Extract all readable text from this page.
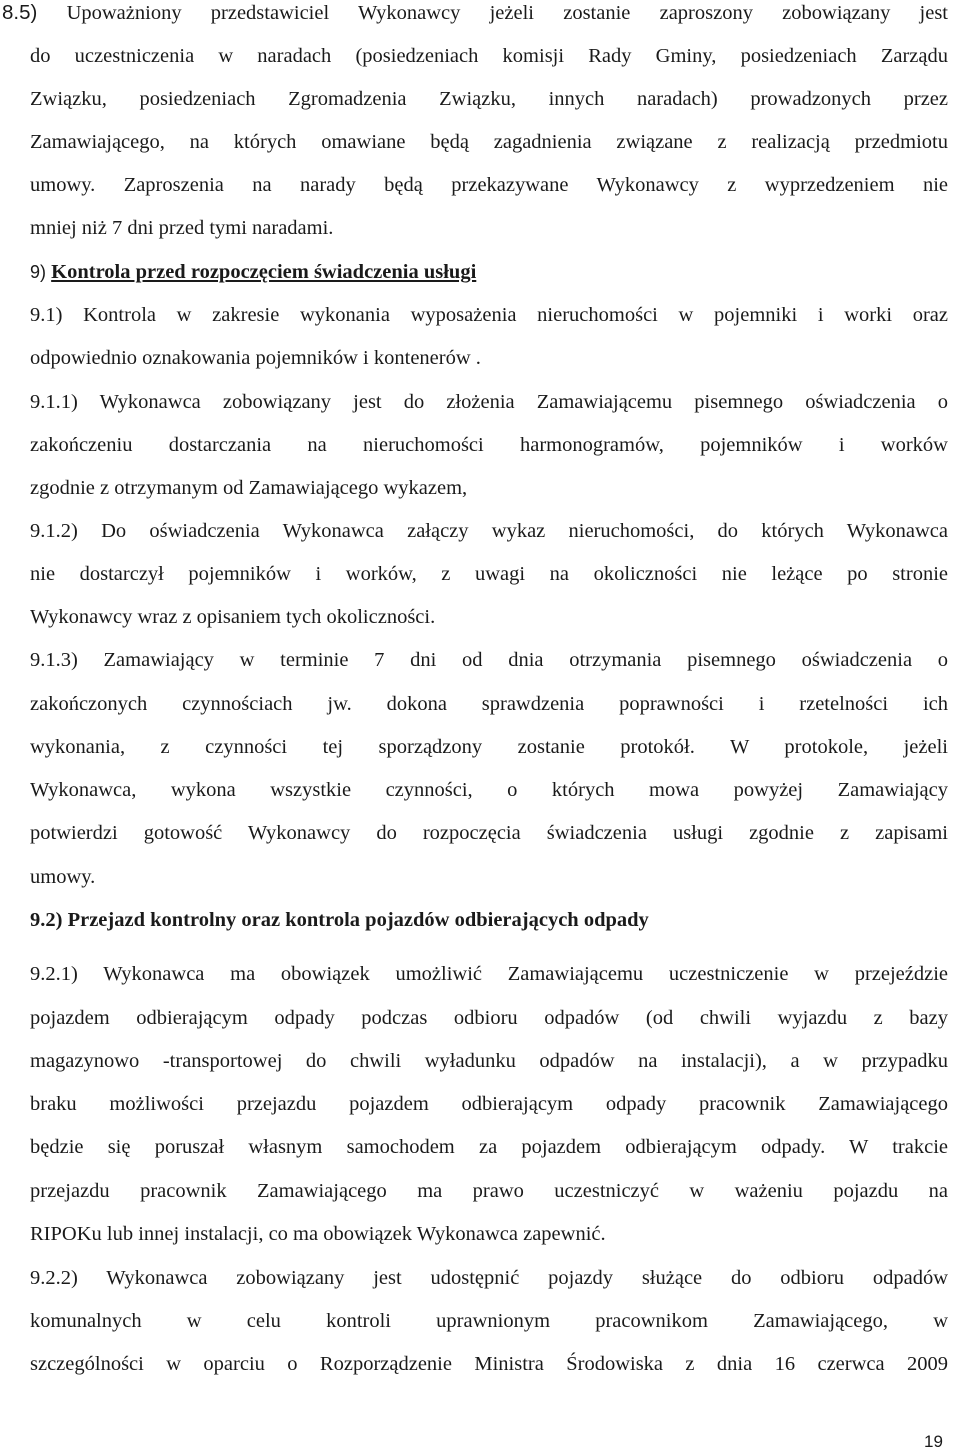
8.5) Upoważniony przedstawiciel Wykonawcy jeżeli zostanie zaproszony zobowiązany jest
do uczestniczenia w naradach (posiedzeniach komisji Rady Gminy, posiedzeniach Zarządu
Związku, posiedzeniach Zgromadzenia Związku, innych naradach) prowadzonych przez
Zamawiającego, na których omawiane będą zagadnienia związane z realizacją przedmiotu
umowy. Zaproszenia na narady będą przekazywane Wykonawcy z wyprzedzeniem nie
mniej niż 7 dni przed tymi naradami.
9) Kontrola przed rozpoczęciem świadczenia usługi
9.1) Kontrola w zakresie wykonania wyposażenia nieruchomości w pojemniki i worki oraz
odpowiednio oznakowania pojemników i kontenerów .
9.1.1) Wykonawca zobowiązany jest do złożenia Zamawiającemu pisemnego oświadczenia o
zakończeniu dostarczania na nieruchomości harmonogramów, pojemników i worków
zgodnie z otrzymanym od Zamawiającego wykazem,
9.1.2) Do oświadczenia Wykonawca załączy wykaz nieruchomości, do których Wykonawca
nie dostarczył pojemników i worków, z uwagi na okoliczności nie leżące po stronie
Wykonawcy wraz z opisaniem tych okoliczności.
9.1.3) Zamawiający w terminie 7 dni od dnia otrzymania pisemnego oświadczenia o
zakończonych czynnościach jw. dokona sprawdzenia poprawności i rzetelności ich
wykonania, z czynności tej sporządzony zostanie protokół. W protokole, jeżeli
Wykonawca, wykona wszystkie czynności, o których mowa powyżej Zamawiający
potwierdzi gotowość Wykonawcy do rozpoczęcia świadczenia usługi zgodnie z zapisami
umowy.
9.2) Przejazd kontrolny oraz kontrola pojazdów odbierających odpady
9.2.1) Wykonawca ma obowiązek umożliwić Zamawiającemu uczestniczenie w przejeździe
pojazdem odbierającym odpady podczas odbioru odpadów (od chwili wyjazdu z bazy
magazynowo -transportowej do chwili wyładunku odpadów na instalacji), a w przypadku
braku możliwości przejazdu pojazdem odbierającym odpady pracownik Zamawiającego
będzie się poruszał własnym samochodem za pojazdem odbierającym odpady. W trakcie
przejazdu pracownik Zamawiającego ma prawo uczestniczyć w ważeniu pojazdu na
RIPOKu lub innej instalacji, co ma obowiązek Wykonawca zapewnić.
9.2.2) Wykonawca zobowiązany jest udostępnić pojazdy służące do odbioru odpadów
komunalnych w celu kontroli uprawnionym pracownikom Zamawiającego, w
szczególności w oparciu o Rozporządzenie Ministra Środowiska z dnia 16 czerwca 2009
19
